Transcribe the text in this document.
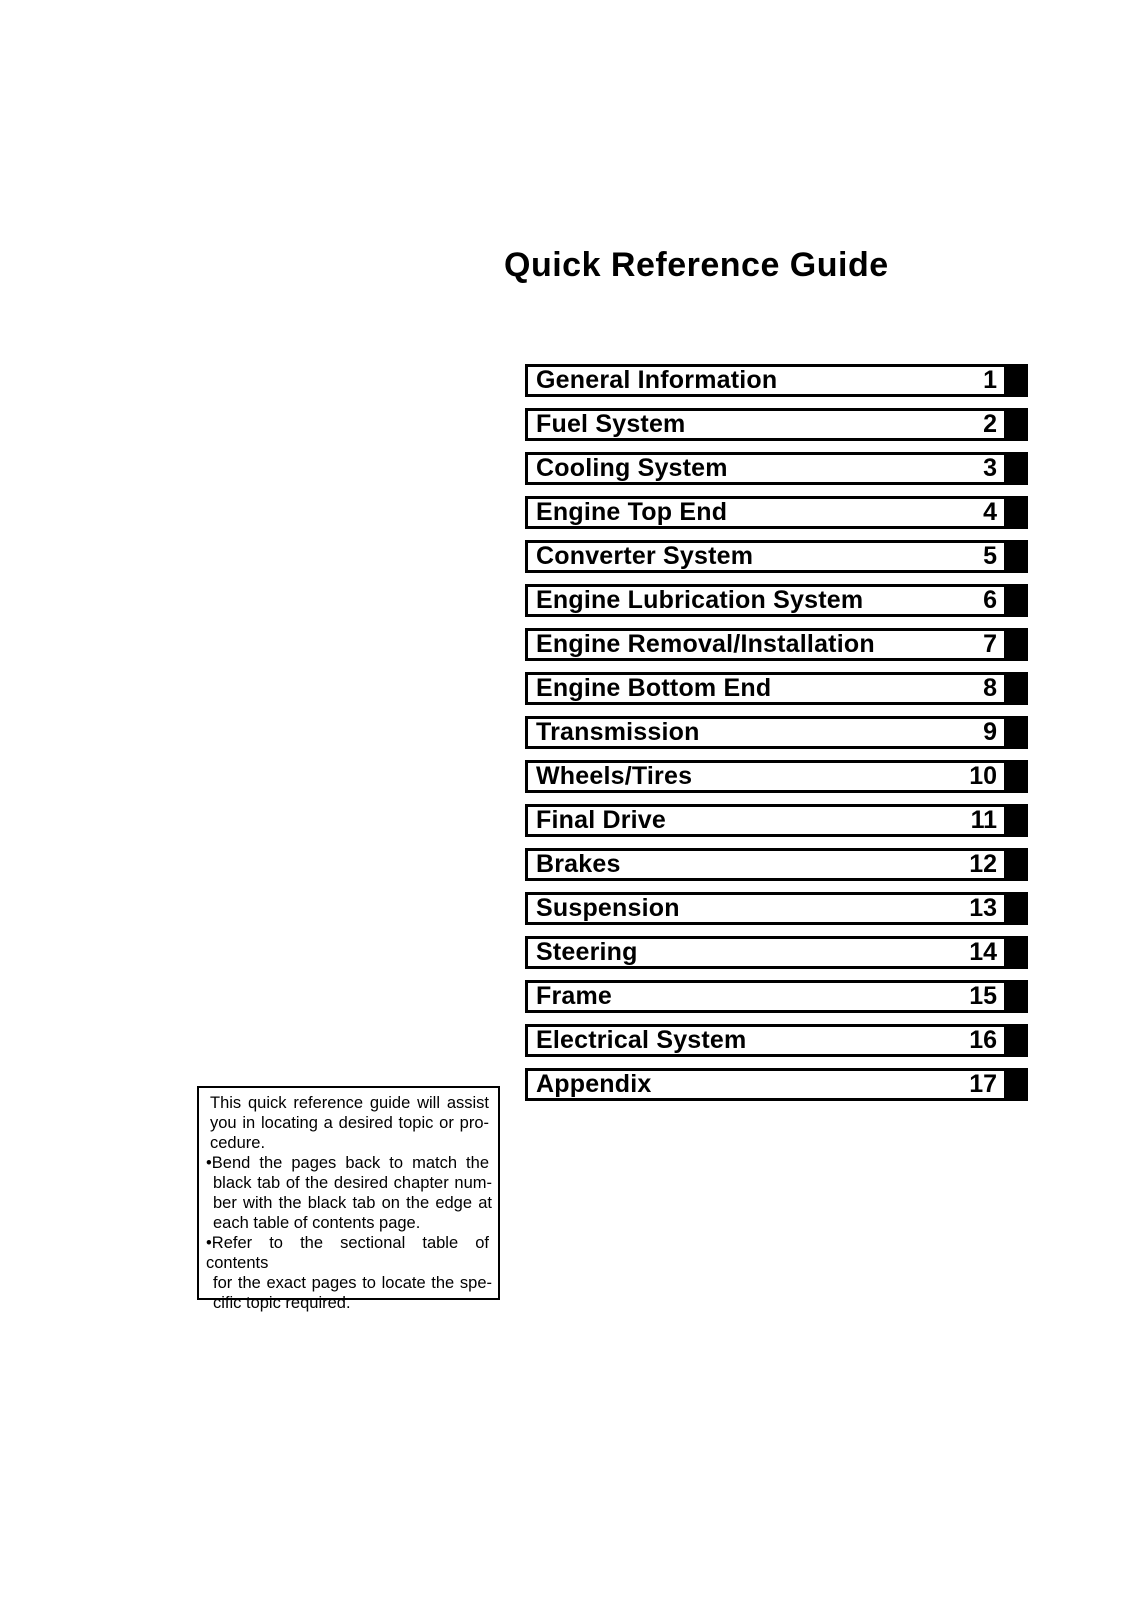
Quick Reference Guide
General Information	1
Fuel System	2
Cooling System	3
Engine Top End	4
Converter System	5
Engine Lubrication System	6
Engine Removal/Installation	7
Engine Bottom End	8
Transmission	9
Wheels/Tires	10
Final Drive	11
Brakes	12
Suspension	13
Steering	14
Frame	15
Electrical System	16
Appendix	17
This quick reference guide will assist
you in locating a desired topic or pro-
cedure.
•Bend the pages back to match the
black tab of the desired chapter num-
ber with the black tab on the edge at
each table of contents page.
•Refer to the sectional table of contents
for the exact pages to locate the spe-
cific topic required.
